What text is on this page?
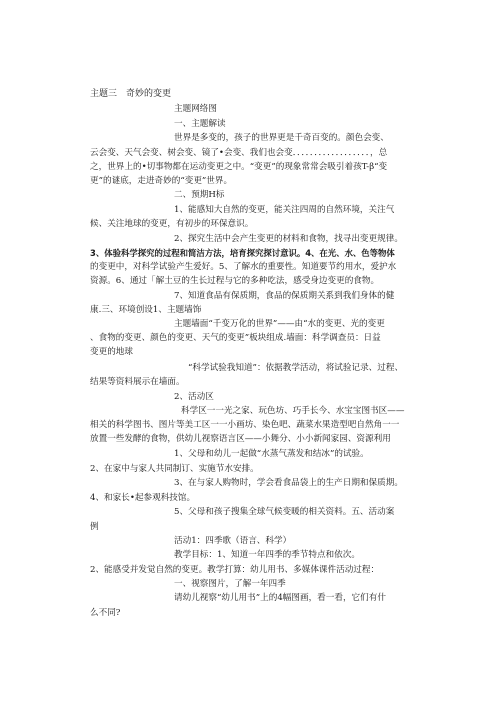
主题三　奇妙的变更
主题网络图
一、主题解读
世界是多变的，孩子的世界更是千奇百变的。颜色会变、
云会变、天气会变、树会变、镜了•会变、我们也会变．．．．．．．．．．．．．．．．．．，总
之，世界上的•切事物都在运动变更之中。“变更”的现象常常会吸引着孩T-β“变
更”的谜底，走进奇妙的“变更”世界。
二、预期H标
1、能感知大自然的变更，能关注四周的自然环境，关注气
候、关注地球的变更，有初步的环保意识。
2、探究生活中会产生变更的材料和食物，找寻出变更规律。
3、体验科学探究的过程和简洁方法，培育探究探讨意识。4、在光、水、色等物体
的变更中，对科学试验产生爱好。5、了解水的重要性。知道要节约用水，爱护水
资源。6、通过「解土豆的生长过程与它的多种吃法，感受身边变更的食物。
7、知道食品有保质期，食品的保质期关系到我们身体的健
康.三、环境创设1、主题墙饰
主题墙面“千变万化的世界”——由“水的变更、光的变更
、食物的变更、颜色的变更、天气的变更”板块组成.墙面：科学调查员：日益
变更的地球
“科学试验我知道”：依据教学活动，将试验记录、过程、
结果等资料展示在墙面。
2、活动区
科学区一一光之家、玩色坊、巧手长今、水宝宝图书区——
相关的科学图书、图片等美工区一一小画坊、染色吧、蔬菜水果造型吧自然角一一
放置一些发酵的食物，供幼儿视察语言区——小舞分、小小新闻家园、资源利用
1、父母和幼儿一起做“水蒸气蒸发和结冰”的试验。
2、在家中与家人共同制订、实施节水安排。
3、在与家人购物时，学会看食品袋上的生产日期和保质期。
4、和家长•起参观科技馆。
5、父母和孩子搜集全球气候变暖的相关资料。五、活动案
例
活动1：四季歌（语言、科学）
教学目标：1、知道一年四季的季节特点和依次。
2、能感受并发觉自然的变更。教学打算：幼儿用书、多媒体课件活动过程：
一、视察图片，了解一年四季
请幼儿视察“幼儿用书”上的4幅图画，看一看，它们有什
么不同?
